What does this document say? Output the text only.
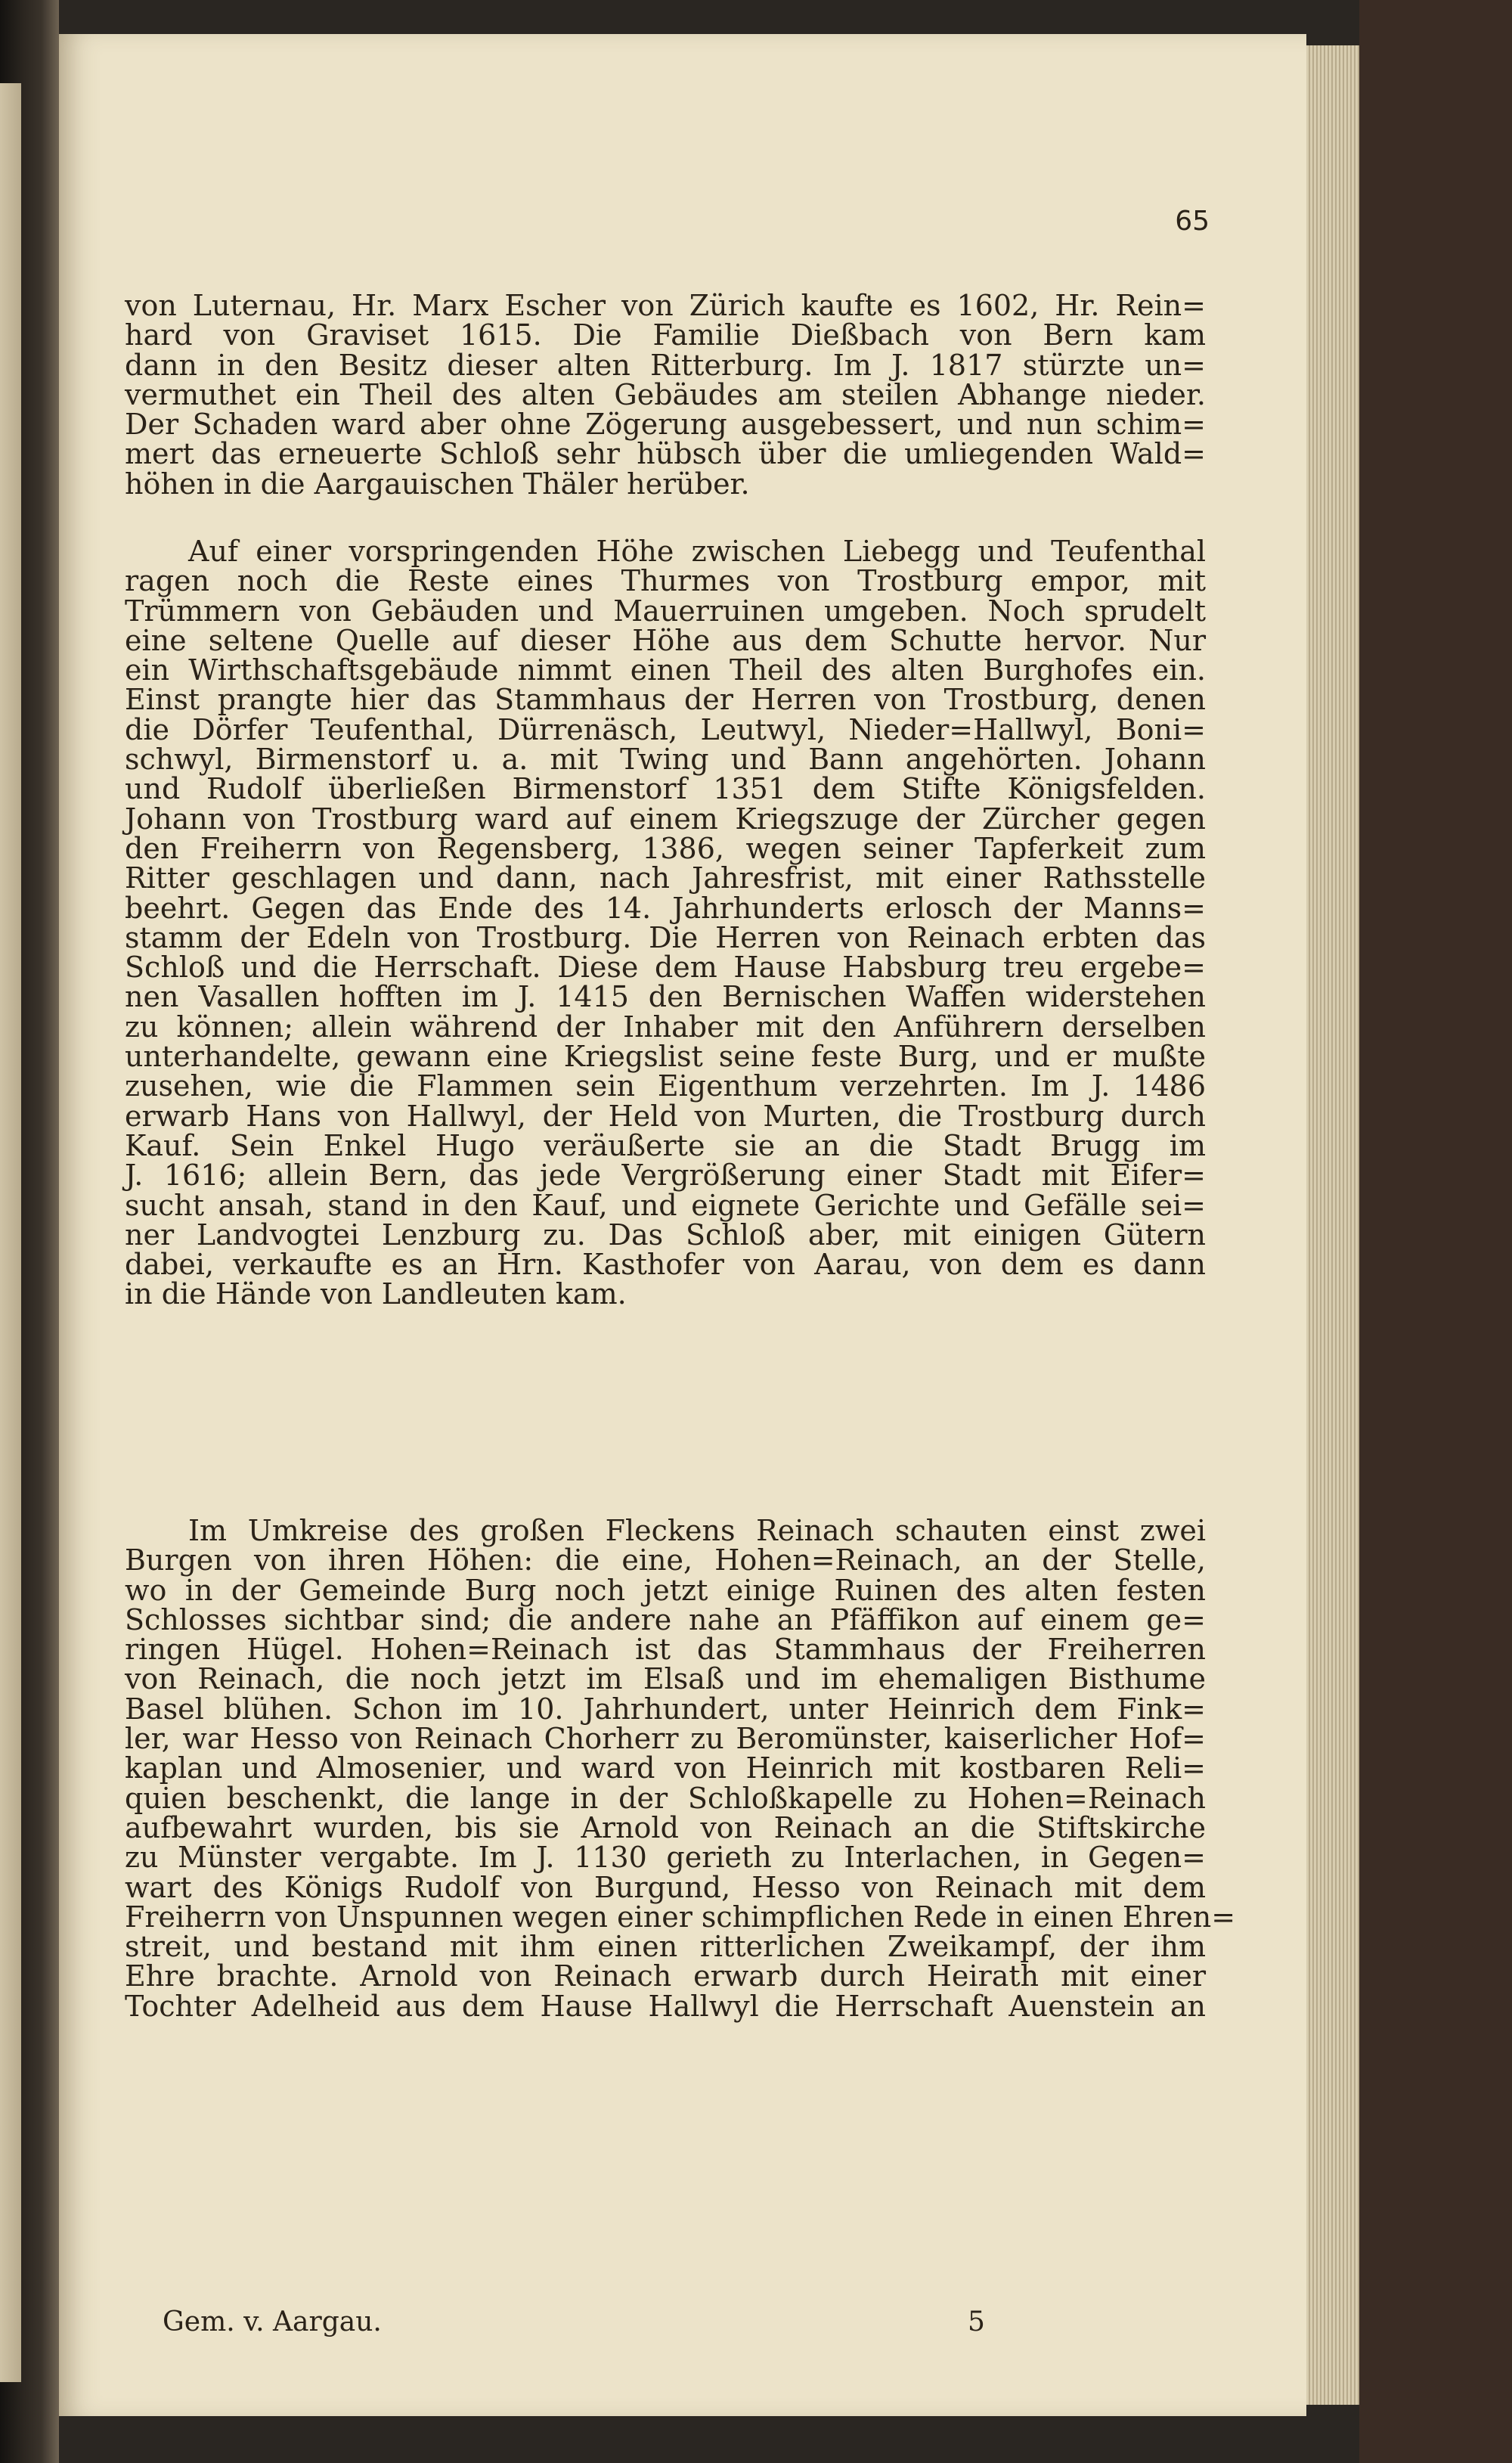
65
von Luternau, Hr. Marx Escher von Zürich kaufte es 1602, Hr. Rein=
hard von Graviset 1615. Die Familie Dießbach von Bern kam
dann in den Besitz dieser alten Ritterburg. Im J. 1817 stürzte un=
vermuthet ein Theil des alten Gebäudes am steilen Abhange nieder.
Der Schaden ward aber ohne Zögerung ausgebessert, und nun schim=
mert das erneuerte Schloß sehr hübsch über die umliegenden Wald=
höhen in die Aargauischen Thäler herüber.
Auf einer vorspringenden Höhe zwischen Liebegg und Teufenthal
ragen noch die Reste eines Thurmes von Trostburg empor, mit
Trümmern von Gebäuden und Mauerruinen umgeben. Noch sprudelt
eine seltene Quelle auf dieser Höhe aus dem Schutte hervor. Nur
ein Wirthschaftsgebäude nimmt einen Theil des alten Burghofes ein.
Einst prangte hier das Stammhaus der Herren von Trostburg, denen
die Dörfer Teufenthal, Dürrenäsch, Leutwyl, Nieder=Hallwyl, Boni=
schwyl, Birmenstorf u. a. mit Twing und Bann angehörten. Johann
und Rudolf überließen Birmenstorf 1351 dem Stifte Königsfelden.
Johann von Trostburg ward auf einem Kriegszuge der Zürcher gegen
den Freiherrn von Regensberg, 1386, wegen seiner Tapferkeit zum
Ritter geschlagen und dann, nach Jahresfrist, mit einer Rathsstelle
beehrt. Gegen das Ende des 14. Jahrhunderts erlosch der Manns=
stamm der Edeln von Trostburg. Die Herren von Reinach erbten das
Schloß und die Herrschaft. Diese dem Hause Habsburg treu ergebe=
nen Vasallen hofften im J. 1415 den Bernischen Waffen widerstehen
zu können; allein während der Inhaber mit den Anführern derselben
unterhandelte, gewann eine Kriegslist seine feste Burg, und er mußte
zusehen, wie die Flammen sein Eigenthum verzehrten. Im J. 1486
erwarb Hans von Hallwyl, der Held von Murten, die Trostburg durch
Kauf. Sein Enkel Hugo veräußerte sie an die Stadt Brugg im
J. 1616; allein Bern, das jede Vergrößerung einer Stadt mit Eifer=
sucht ansah, stand in den Kauf, und eignete Gerichte und Gefälle sei=
ner Landvogtei Lenzburg zu. Das Schloß aber, mit einigen Gütern
dabei, verkaufte es an Hrn. Kasthofer von Aarau, von dem es dann
in die Hände von Landleuten kam.
Im Umkreise des großen Fleckens Reinach schauten einst zwei
Burgen von ihren Höhen: die eine, Hohen=Reinach, an der Stelle,
wo in der Gemeinde Burg noch jetzt einige Ruinen des alten festen
Schlosses sichtbar sind; die andere nahe an Pfäffikon auf einem ge=
ringen Hügel. Hohen=Reinach ist das Stammhaus der Freiherren
von Reinach, die noch jetzt im Elsaß und im ehemaligen Bisthume
Basel blühen. Schon im 10. Jahrhundert, unter Heinrich dem Fink=
ler, war Hesso von Reinach Chorherr zu Beromünster, kaiserlicher Hof=
kaplan und Almosenier, und ward von Heinrich mit kostbaren Reli=
quien beschenkt, die lange in der Schloßkapelle zu Hohen=Reinach
aufbewahrt wurden, bis sie Arnold von Reinach an die Stiftskirche
zu Münster vergabte. Im J. 1130 gerieth zu Interlachen, in Gegen=
wart des Königs Rudolf von Burgund, Hesso von Reinach mit dem
Freiherrn von Unspunnen wegen einer schimpflichen Rede in einen Ehren=
streit, und bestand mit ihm einen ritterlichen Zweikampf, der ihm
Ehre brachte. Arnold von Reinach erwarb durch Heirath mit einer
Tochter Adelheid aus dem Hause Hallwyl die Herrschaft Auenstein an
Gem. v. Aargau.	5
